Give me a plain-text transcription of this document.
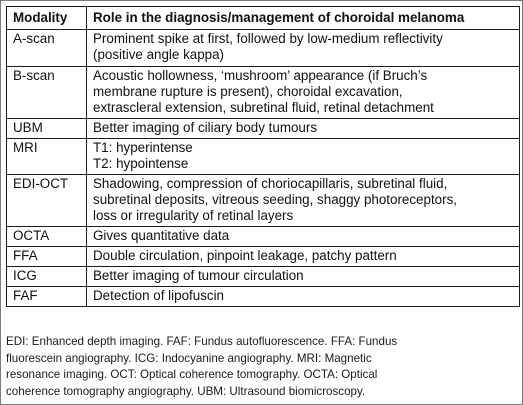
Modality	Role in the diagnosis/management of choroidal melanoma
A-scan	Prominent spike at first, followed by low-medium reflectivity
(positive angle kappa)

B-scan	Acoustic hollowness, ‘mushroom’ appearance (if Bruch’s
membrane rupture is present), choroidal excavation,
extrascleral extension, subretinal fluid, retinal detachment

UBM	Better imaging of ciliary body tumours

MRI	T1: hyperintense
T2: hypointense

EDI-OCT	Shadowing, compression of choriocapillaris, subretinal fluid,
subretinal deposits, vitreous seeding, shaggy photoreceptors,
loss or irregularity of retinal layers

OCTA	Gives quantitative data

FFA	Double circulation, pinpoint leakage, patchy pattern

ICG	Better imaging of tumour circulation

FAF	Detection of lipofuscin
EDI: Enhanced depth imaging. FAF: Fundus autofluorescence. FFA: Fundus
fluorescein angiography. ICG: Indocyanine angiography. MRI: Magnetic
resonance imaging. OCT: Optical coherence tomography. OCTA: Optical
coherence tomography angiography. UBM: Ultrasound biomicroscopy.
